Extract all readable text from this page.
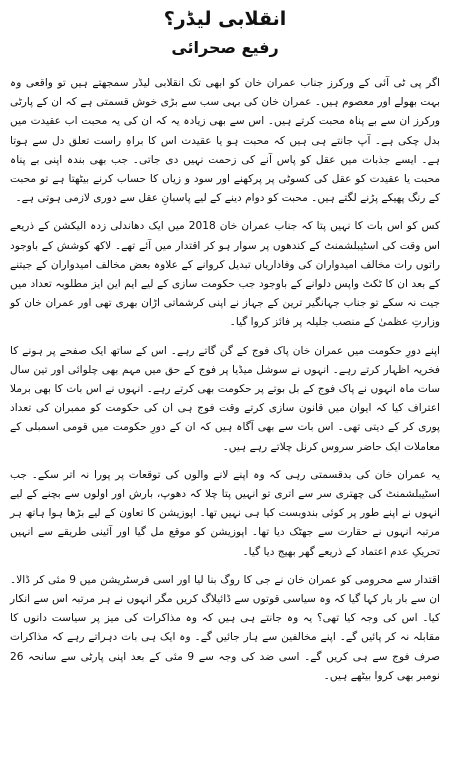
انقلابی لیڈر؟
رفیع صحرائی

اگر پی ٹی آئی کے ورکرز جناب عمران خان کو ابھی تک انقلابی لیڈر سمجھتے ہیں تو واقعی وہ بہت بھولے اور معصوم ہیں۔ عمران خان کی بہی سب سے بڑی خوش قسمتی ہے کہ ان کے پارٹی ورکرز ان سے بے پناہ محبت کرتے ہیں۔ اس سے بھی زیادہ یہ کہ ان کی یہ محبت اب عقیدت میں بدل چکی ہے۔ آپ جانتے ہی ہیں کہ محبت ہو یا عقیدت اس کا براہِ راست تعلق دل سے ہوتا ہے۔ ایسے جذبات میں عقل کو پاس آنے کی زحمت نہیں دی جاتی۔ جب بھی بندہ اپنی بے پناہ محبت یا عقیدت کو عقل کی کسوٹی پر پرکھنے اور سود و زیاں کا حساب کرنے بیٹھتا ہے تو محبت کے رنگ پھیکے پڑنے لگتے ہیں۔ محبت کو دوام دینے کے لیے پاسبانِ عقل سے دوری لازمی ہوتی ہے۔

کس کو اس بات کا نہیں پتا کہ جناب عمران خان 2018 میں ایک دھاندلی زدہ الیکشن کے ذریعے اس وقت کی اسٹیبلشمنٹ کے کندھوں پر سوار ہو کر اقتدار میں آئے تھے۔ لاکھ کوشش کے باوجود راتوں رات مخالف امیدواران کی وفاداریاں تبدیل کروانے کے علاوہ بعض مخالف امیدواران کے جیتنے کے بعد ان کا ٹکٹ واپس دلوانے کے باوجود جب حکومت سازی کے لیے ایم این ایز مطلوبہ تعداد میں جیت نہ سکے تو جناب جہانگیر ترین کے جہاز نے اپنی کرشماتی اڑان بھری تھی اور عمران خان کو وزارتِ عظمیٰ کے منصب جلیلہ پر فائز کروا گیا۔

اپنے دورِ حکومت میں عمران خان پاک فوج کے گن گاتے رہے۔ اس کے ساتھ ایک صفحے پر ہونے کا فخریہ اظہار کرتے رہے۔ انہوں نے سوشل میڈیا پر فوج کے حق میں مہم بھی چلوائی اور تین سال سات ماہ انہوں نے پاک فوج کے بل بوتے پر حکومت بھی کرتے رہے۔ انہوں نے اس بات کا بھی برملا اعتراف کیا کہ ایوان میں قانون سازی کرتے وقت فوج ہی ان کی حکومت کو ممبران کی تعداد پوری کر کے دیتی تھی۔ اس بات سے بھی آگاہ ہیں کہ ان کے دورِ حکومت میں قومی اسمبلی کے معاملات ایک حاضر سروس کرنل چلاتے رہے ہیں۔

یہ عمران خان کی بدقسمتی رہی کہ وہ اپنے لانے والوں کی توقعات پر پورا نہ اتر سکے۔ جب اسٹیبلشمنٹ کی چھتری سر سے اتری تو انہیں پتا چلا کہ دھوپ، بارش اور اولوں سے بچنے کے لیے انہوں نے اپنے طور پر کوئی بندوبست کیا ہی نہیں تھا۔ اپوزیشن کا تعاون کے لیے بڑھا ہوا ہاتھ ہر مرتبہ انہوں نے حقارت سے جھٹک دیا تھا۔ اپوزیشن کو موقع مل گیا اور آئینی طریقے سے انہیں تحریکِ عدم اعتماد کے ذریعے گھر بھیج دیا گیا۔

اقتدار سے محرومی کو عمران خان نے جی کا روگ بنا لیا اور اسی فرسٹریشن میں 9 مئی کر ڈالا۔ ان سے بار بار کہا گیا کہ وہ سیاسی قوتوں سے ڈائیلاگ کریں مگر انہوں نے ہر مرتبہ اس سے انکار کیا۔ اس کی وجہ کیا تھی؟ یہ وہ جانتے ہی ہیں کہ وہ مذاکرات کی میز پر سیاست دانوں کا مقابلہ نہ کر پائیں گے۔ اپنے مخالفین سے ہار جائیں گے۔ وہ ایک ہی بات دہراتے رہے کہ مذاکرات صرف فوج سے ہی کریں گے۔ اسی ضد کی وجہ سے 9 مئی کے بعد اپنی پارٹی سے سانحہ 26 نومبر بھی کروا بیٹھے ہیں۔
